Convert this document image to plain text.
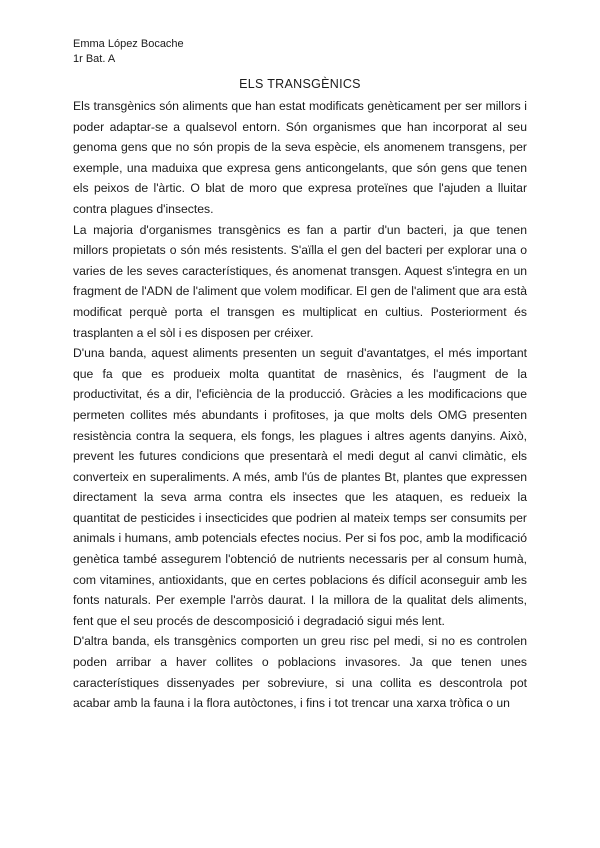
Emma López Bocache
1r Bat. A
ELS TRANSGÈNICS

Els transgènics són aliments que han estat modificats genèticament per ser millors i poder adaptar-se a qualsevol entorn. Són organismes que han incorporat al seu genoma gens que no són propis de la seva espècie, els anomenem transgens, per exemple, una maduixa que expresa gens anticongelants, que són gens que tenen els peixos de l'àrtic. O blat de moro que expresa proteïnes que l'ajuden a lluitar contra plagues d'insectes.

La majoria d'organismes transgènics es fan a partir d'un bacteri, ja que tenen millors propietats o són més resistents. S'aïlla el gen del bacteri per explorar una o varies de les seves característiques, és anomenat transgen. Aquest s'integra en un fragment de l'ADN de l'aliment que volem modificar. El gen de l'aliment que ara està modificat perquè porta el transgen es multiplicat en cultius. Posteriorment és trasplanten a el sòl i es disposen per créixer.

D'una banda, aquest aliments presenten un seguit d'avantatges, el més important que fa que es produeix molta quantitat de rnasènics, és l'augment de la productivitat, és a dir, l'eficiència de la producció. Gràcies a les modificacions que permeten collites més abundants i profitoses, ja que molts dels OMG presenten resistència contra la sequera, els fongs, les plagues i altres agents danyins. Això, prevent les futures condicions que presentarà el medi degut al canvi climàtic, els converteix en superaliments. A més, amb l'ús de plantes Bt, plantes que expressen directament la seva arma contra els insectes que les ataquen, es redueix la quantitat de pesticides i insecticides que podrien al mateix temps ser consumits per animals i humans, amb potencials efectes nocius. Per si fos poc, amb la modificació genètica també assegurem l'obtenció de nutrients necessaris per al consum humà, com vitamines, antioxidants, que en certes poblacions és difícil aconseguir amb les fonts naturals. Per exemple l'arròs daurat. I la millora de la qualitat dels aliments, fent que el seu procés de descomposició i degradació sigui més lent.

D'altra banda, els transgènics comporten un greu risc pel medi, si no es controlen poden arribar a haver collites o poblacions invasores. Ja que tenen unes característiques dissenyades per sobreviure, si una collita es descontrola pot acabar amb la fauna i la flora autòctones, i fins i tot trencar una xarxa tròfica o un
